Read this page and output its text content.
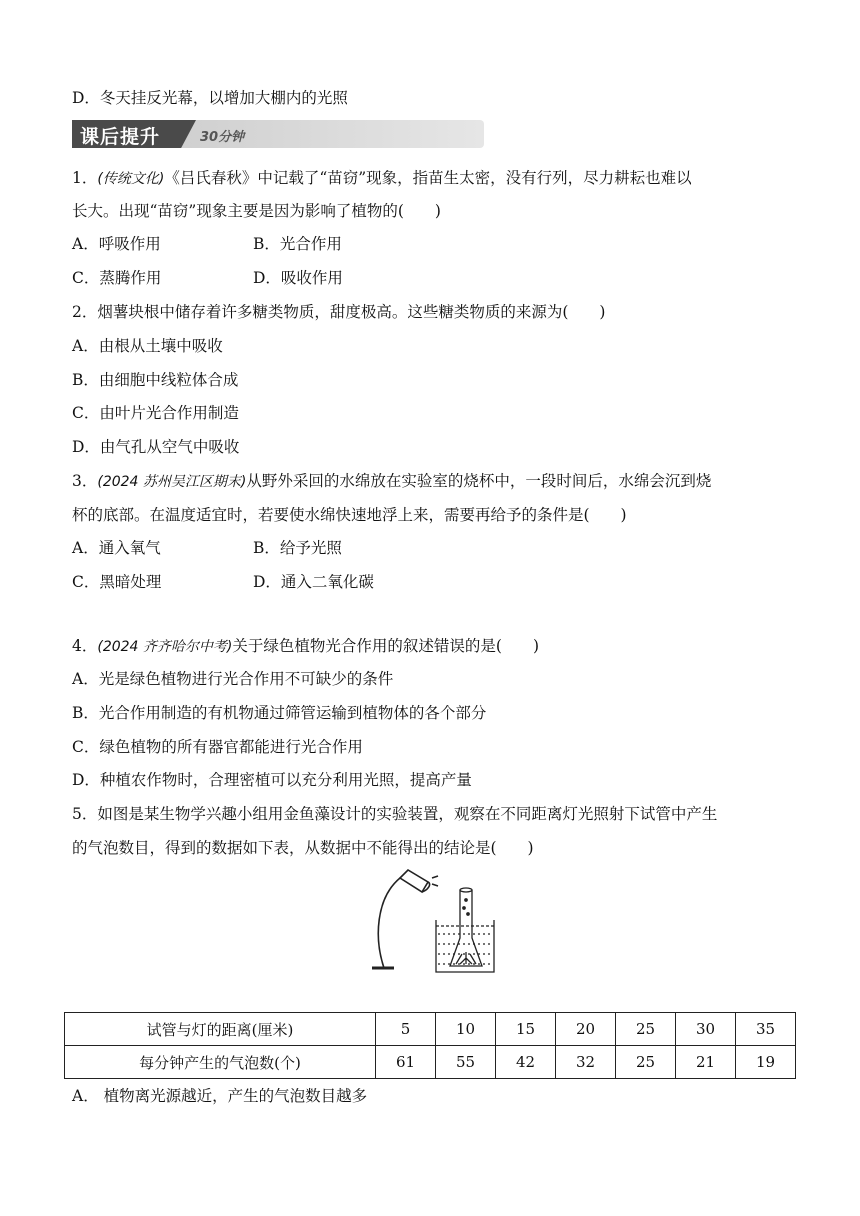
D．冬天挂反光幕，以增加大棚内的光照
课后提升	30分钟
1．(传统文化)《吕氏春秋》中记载了“苗窃”现象，指苗生太密，没有行列，尽力耕耘也难以
长大。出现“苗窃”现象主要是因为影响了植物的(　　)
A．呼吸作用	B．光合作用
C．蒸腾作用	D．吸收作用
2．烟薯块根中储存着许多糖类物质，甜度极高。这些糖类物质的来源为(　　)
A．由根从土壤中吸收
B．由细胞中线粒体合成
C．由叶片光合作用制造
D．由气孔从空气中吸收
3．(2024 苏州吴江区期末)从野外采回的水绵放在实验室的烧杯中，一段时间后，水绵会沉到烧
杯的底部。在温度适宜时，若要使水绵快速地浮上来，需要再给予的条件是(　　)
A．通入氧气	B．给予光照
C．黑暗处理	D．通入二氧化碳
4．(2024 齐齐哈尔中考)关于绿色植物光合作用的叙述错误的是(　　)
A．光是绿色植物进行光合作用不可缺少的条件
B．光合作用制造的有机物通过筛管运输到植物体的各个部分
C．绿色植物的所有器官都能进行光合作用
D．种植农作物时，合理密植可以充分利用光照，提高产量
5．如图是某生物学兴趣小组用金鱼藻设计的实验装置，观察在不同距离灯光照射下试管中产生
的气泡数目，得到的数据如下表，从数据中不能得出的结论是(　　)
试管与灯的距离(厘米)	5	10	15	20	25	30	35
每分钟产生的气泡数(个)	61	55	42	32	25	21	19
A． 植物离光源越近，产生的气泡数目越多
